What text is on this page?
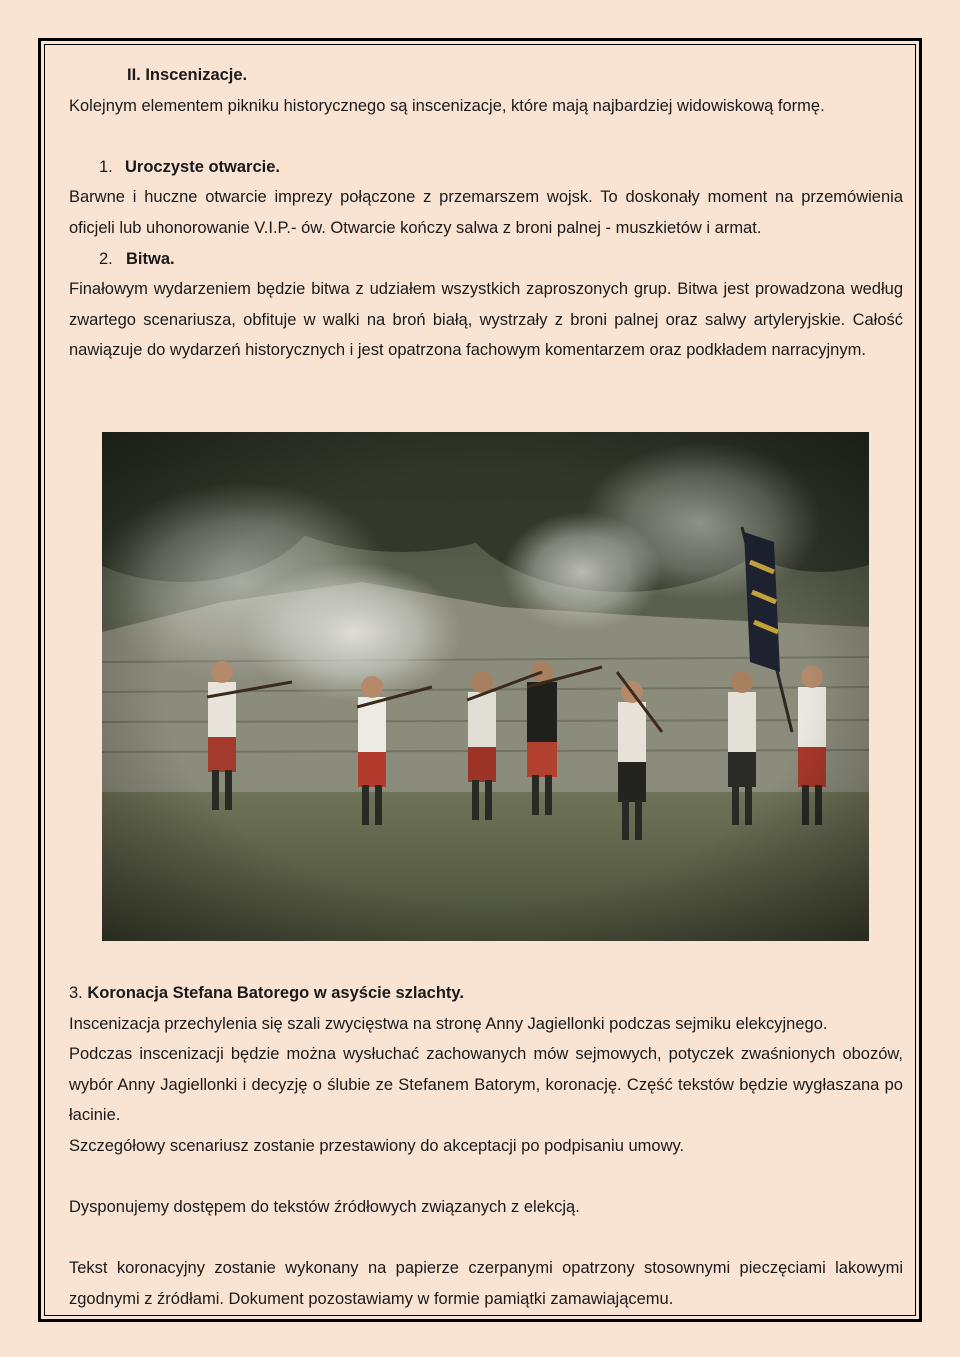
II. Inscenizacje.

Kolejnym elementem pikniku historycznego są inscenizacje, które mają najbardziej widowiskową formę.

1. Uroczyste otwarcie.

Barwne i huczne otwarcie imprezy połączone z przemarszem wojsk. To doskonały moment na przemówienia oficjeli lub uhonorowanie V.I.P.- ów. Otwarcie kończy salwa z broni palnej - muszkietów i armat.

2. Bitwa.

Finałowym wydarzeniem będzie bitwa z udziałem wszystkich zaproszonych grup. Bitwa jest prowadzona według zwartego scenariusza, obfituje w walki na broń białą, wystrzały z broni palnej oraz salwy artyleryjskie. Całość nawiązuje do wydarzeń historycznych i jest opatrzona fachowym komentarzem oraz podkładem narracyjnym.

3. Koronacja Stefana Batorego w asyście szlachty.

Inscenizacja przechylenia się szali zwycięstwa na stronę Anny Jagiellonki podczas sejmiku elekcyjnego.

Podczas inscenizacji będzie można wysłuchać zachowanych mów sejmowych, potyczek zwaśnionych obozów, wybór Anny Jagiellonki i decyzję o ślubie ze Stefanem Batorym, koronację. Część tekstów będzie wygłaszana po łacinie.

Szczegółowy scenariusz zostanie przestawiony do akceptacji po podpisaniu umowy.

Dysponujemy dostępem do tekstów źródłowych związanych z elekcją.

Tekst koronacyjny zostanie wykonany na papierze czerpanymi opatrzony stosownymi pieczęciami lakowymi zgodnymi z źródłami. Dokument pozostawiamy w formie pamiątki zamawiającemu.
